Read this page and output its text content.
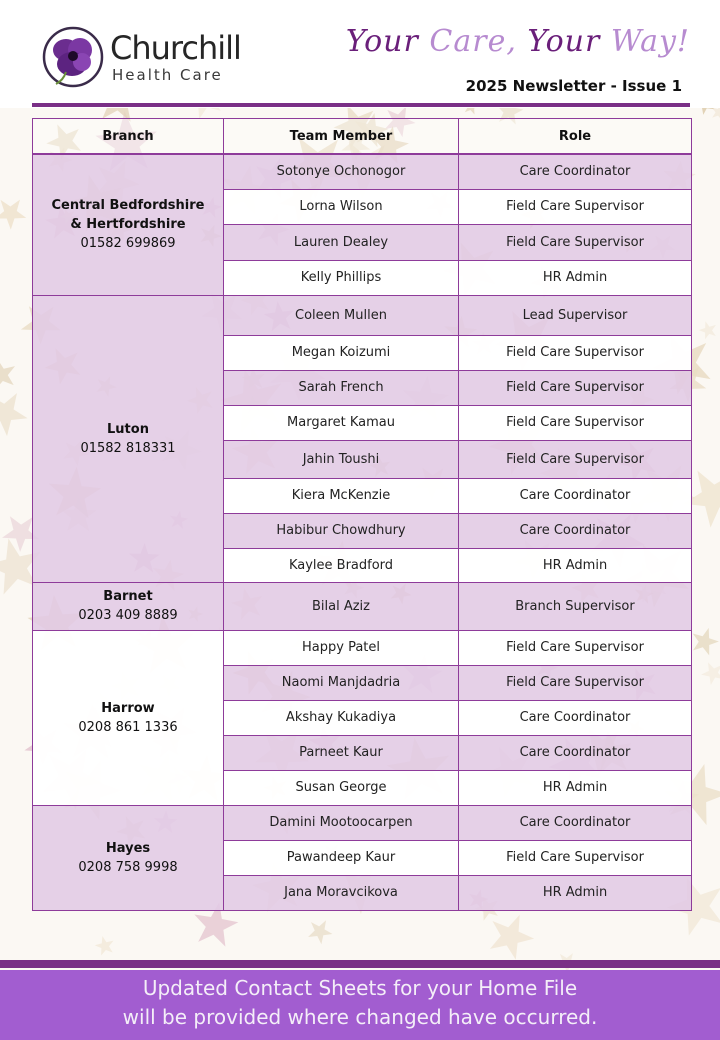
Churchill
Health Care
Your Care, Your Way!
2025 Newsletter - Issue 1
Branch	Team Member	Role

Central Bedfordshire & Hertfordshire
01582 699869	Sotonye Ochonogor	Care Coordinator
	Lorna Wilson	Field Care Supervisor
	Lauren Dealey	Field Care Supervisor
	Kelly Phillips	HR Admin

Luton
01582 818331	Coleen Mullen	Lead Supervisor
	Megan Koizumi	Field Care Supervisor
	Sarah French	Field Care Supervisor
	Margaret Kamau	Field Care Supervisor
	Jahin Toushi	Field Care Supervisor
	Kiera McKenzie	Care Coordinator
	Habibur Chowdhury	Care Coordinator
	Kaylee Bradford	HR Admin

Barnet
0203 409 8889	Bilal Aziz	Branch Supervisor

Harrow
0208 861 1336	Happy Patel	Field Care Supervisor
	Naomi Manjdadria	Field Care Supervisor
	Akshay Kukadiya	Care Coordinator
	Parneet Kaur	Care Coordinator
	Susan George	HR Admin

Hayes
0208 758 9998	Damini Mootoocarpen	Care Coordinator
	Pawandeep Kaur	Field Care Supervisor
	Jana Moravcikova	HR Admin
Updated Contact Sheets for your Home File
will be provided where changed have occurred.
